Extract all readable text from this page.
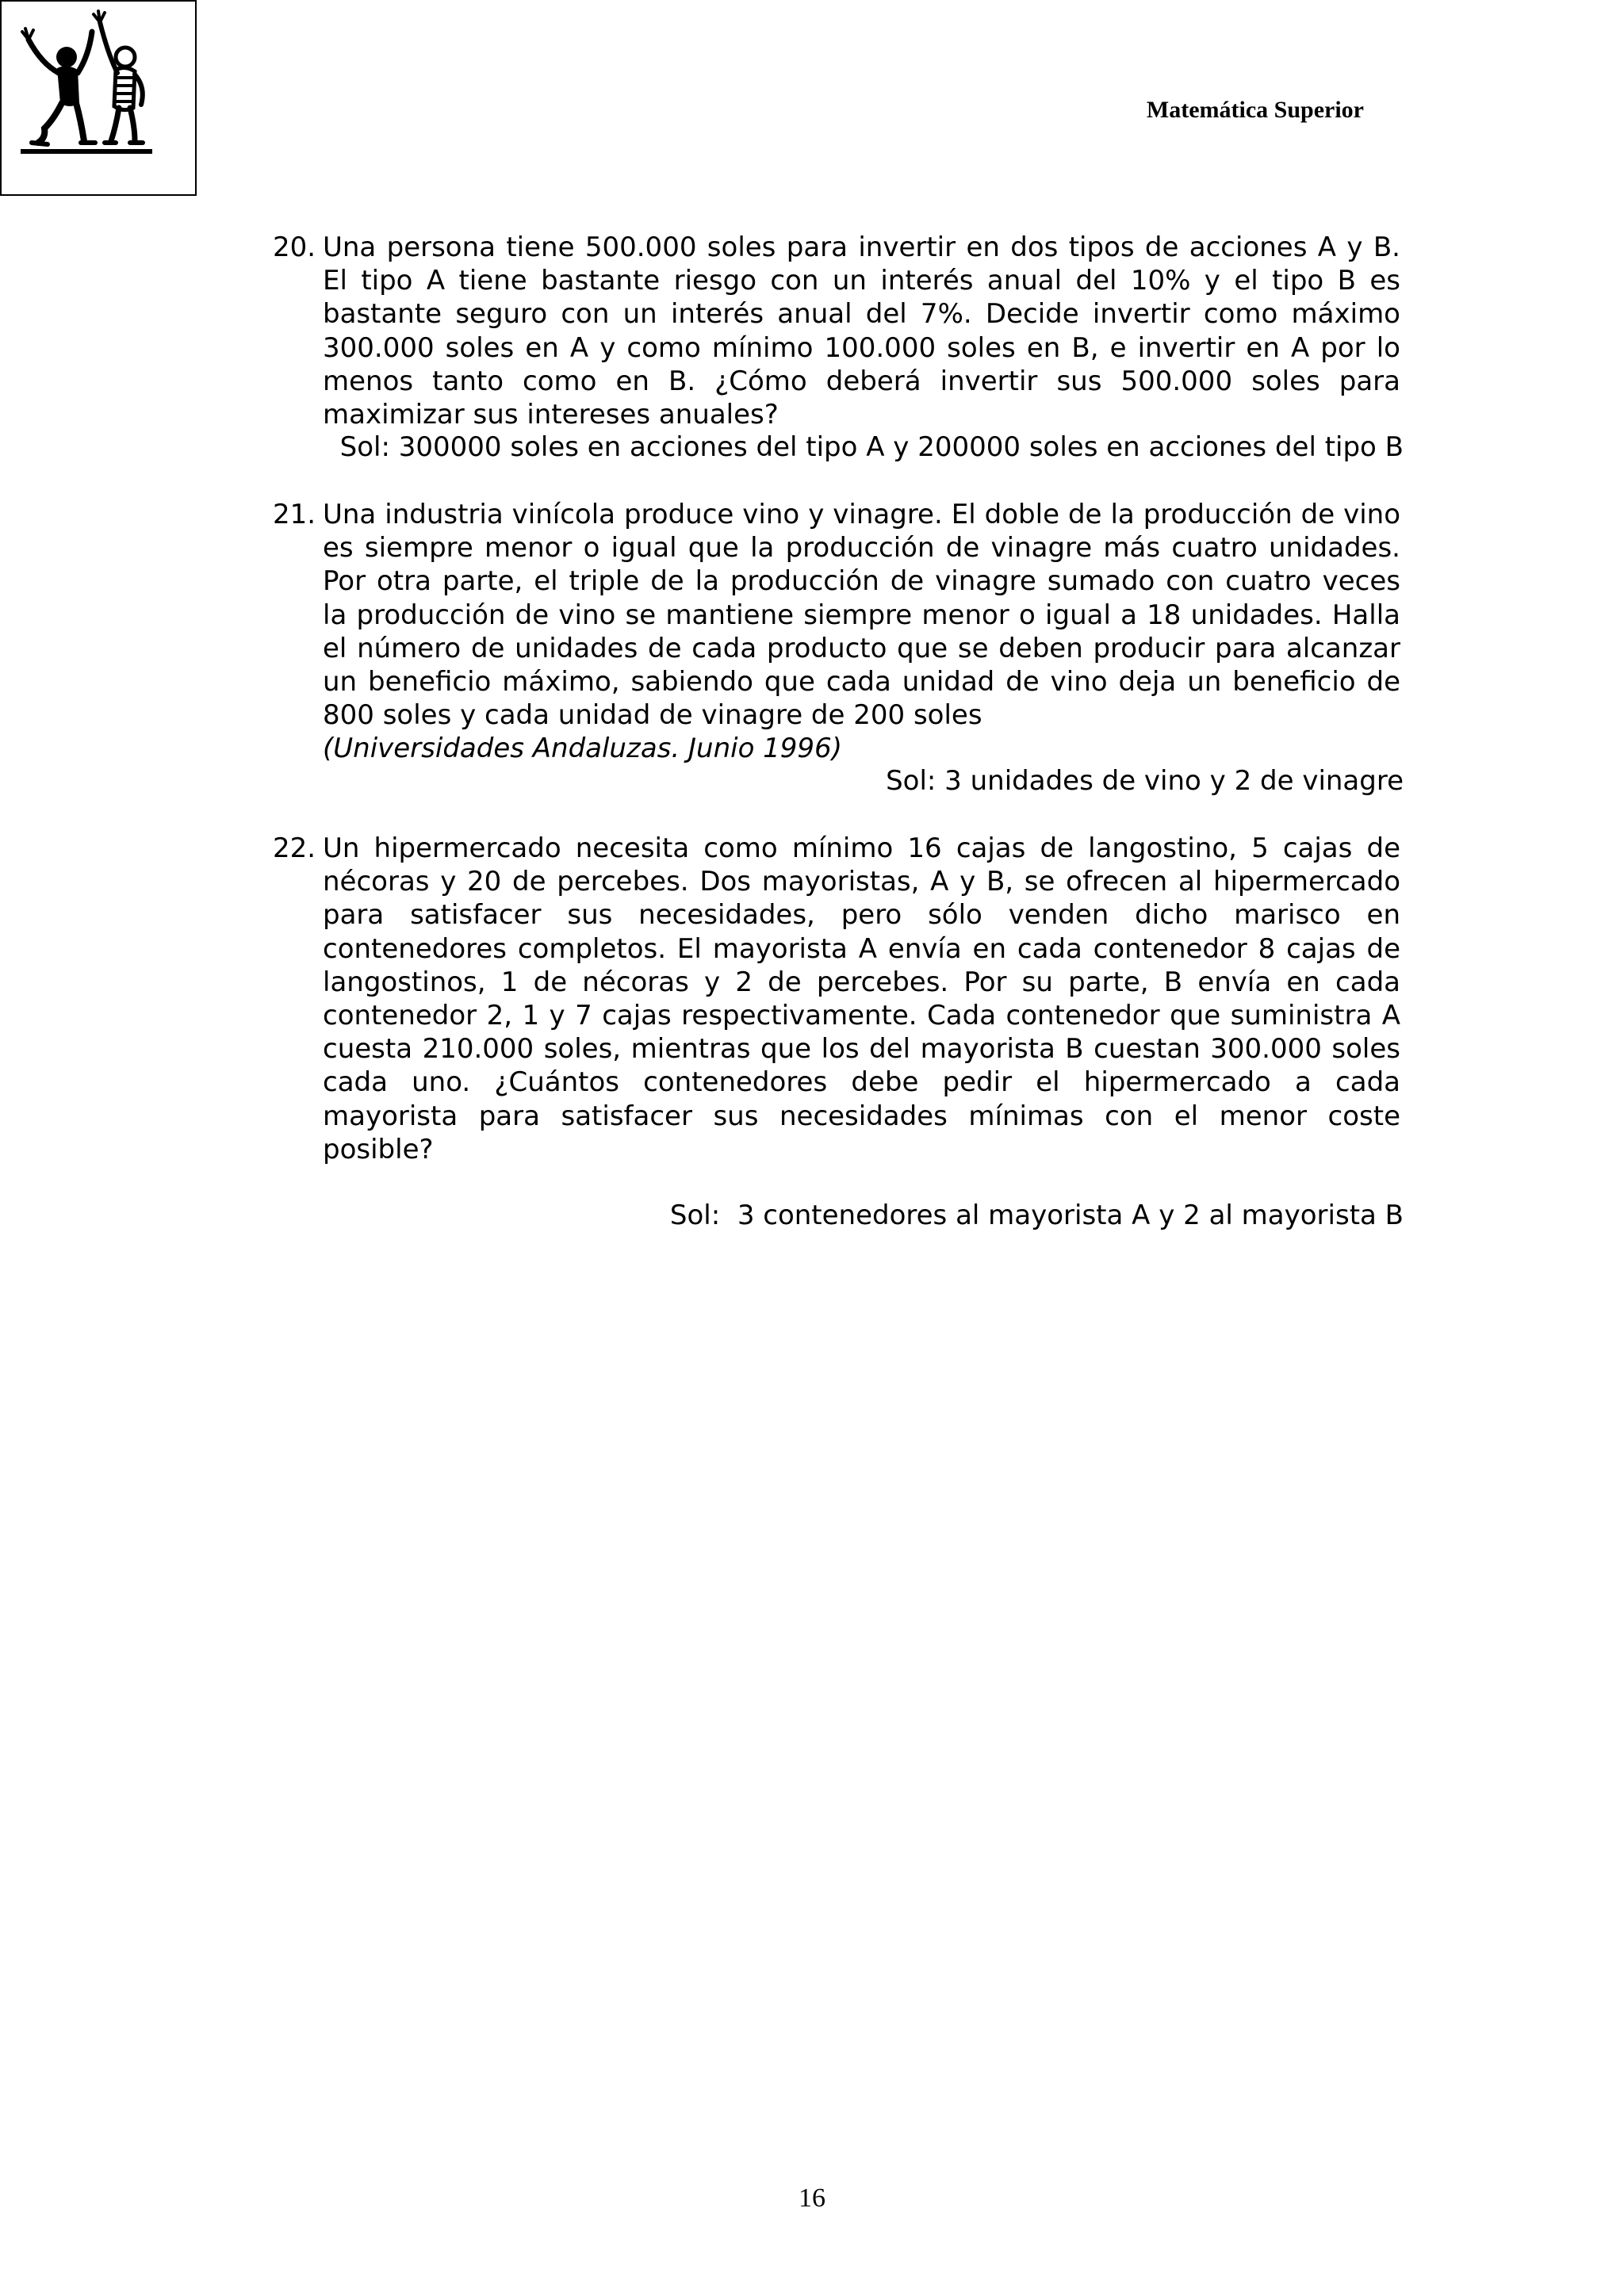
Matemática Superior
20. Una persona tiene 500.000 soles para invertir en dos tipos de acciones A y B. El tipo A tiene bastante riesgo con un interés anual del 10% y el tipo B es bastante seguro con un interés anual del 7%. Decide invertir como máximo 300.000 soles en A y como mínimo 100.000 soles en B, e invertir en A por lo menos tanto como en B. ¿Cómo deberá invertir sus 500.000 soles para maximizar sus intereses anuales?
Sol: 300000 soles en acciones del tipo A y 200000 soles en acciones del tipo B
21. Una industria vinícola produce vino y vinagre. El doble de la producción de vino es siempre menor o igual que la producción de vinagre más cuatro unidades. Por otra parte, el triple de la producción de vinagre sumado con cuatro veces la producción de vino se mantiene siempre menor o igual a 18 unidades. Halla el número de unidades de cada producto que se deben producir para alcanzar un beneficio máximo, sabiendo que cada unidad de vino deja un beneficio de 800 soles y cada unidad de vinagre de 200 soles
(Universidades Andaluzas. Junio 1996)
Sol: 3 unidades de vino y 2 de vinagre
22. Un hipermercado necesita como mínimo 16 cajas de langostino, 5 cajas de nécoras y 20 de percebes. Dos mayoristas, A y B, se ofrecen al hipermercado para satisfacer sus necesidades, pero sólo venden dicho marisco en contenedores completos. El mayorista A envía en cada contenedor 8 cajas de langostinos, 1 de nécoras y 2 de percebes. Por su parte, B envía en cada contenedor 2, 1 y 7 cajas respectivamente. Cada contenedor que suministra A cuesta 210.000 soles, mientras que los del mayorista B cuestan 300.000 soles cada uno. ¿Cuántos contenedores debe pedir el hipermercado a cada mayorista para satisfacer sus necesidades mínimas con el menor coste posible?
Sol:  3 contenedores al mayorista A y 2 al mayorista B
16
